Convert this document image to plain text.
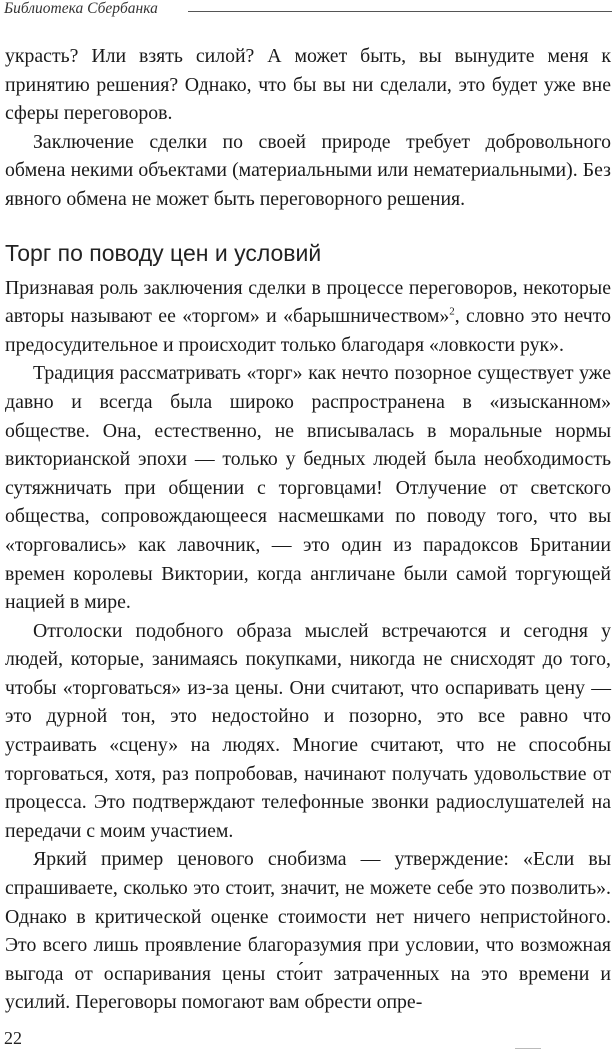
Библиотека Сбербанка

украсть? Или взять силой? А может быть, вы вынудите меня к принятию решения? Однако, что бы вы ни сделали, это будет уже вне сферы переговоров.

Заключение сделки по своей природе требует добровольного обмена некими объектами (материальными или нематериальными). Без явного обмена не может быть переговорного решения.

Торг по поводу цен и условий

Признавая роль заключения сделки в процессе переговоров, некоторые авторы называют ее «торгом» и «барышничеством»$^2$, словно это нечто предосудительное и происходит только благодаря «ловкости рук».

Традиция рассматривать «торг» как нечто позорное существует уже давно и всегда была широко распространена в «изысканном» обществе. Она, естественно, не вписывалась в моральные нормы викторианской эпохи — только у бедных людей была необходимость сутяжничать при общении с торговцами! Отлучение от светского общества, сопровождающееся насмешками по поводу того, что вы «торговались» как лавочник, — это один из парадоксов Британии времен королевы Виктории, когда англичане были самой торгующей нацией в мире.

Отголоски подобного образа мыслей встречаются и сегодня у людей, которые, занимаясь покупками, никогда не снисходят до того, чтобы «торговаться» из-за цены. Они считают, что оспаривать цену — это дурной тон, это недостойно и позорно, это все равно что устраивать «сцену» на людях. Многие считают, что не способны торговаться, хотя, раз попробовав, начинают получать удовольствие от процесса. Это подтверждают телефонные звонки радиослушателей на передачи с моим участием.

Яркий пример ценового снобизма — утверждение: «Если вы спрашиваете, сколько это стоит, значит, не можете себе это позволить». Однако в критической оценке стоимости нет ничего непристойного. Это всего лишь проявление благоразумия при условии, что возможная выгода от оспаривания цены сто́ит затраченных на это времени и усилий. Переговоры помогают вам обрести опре-

22
